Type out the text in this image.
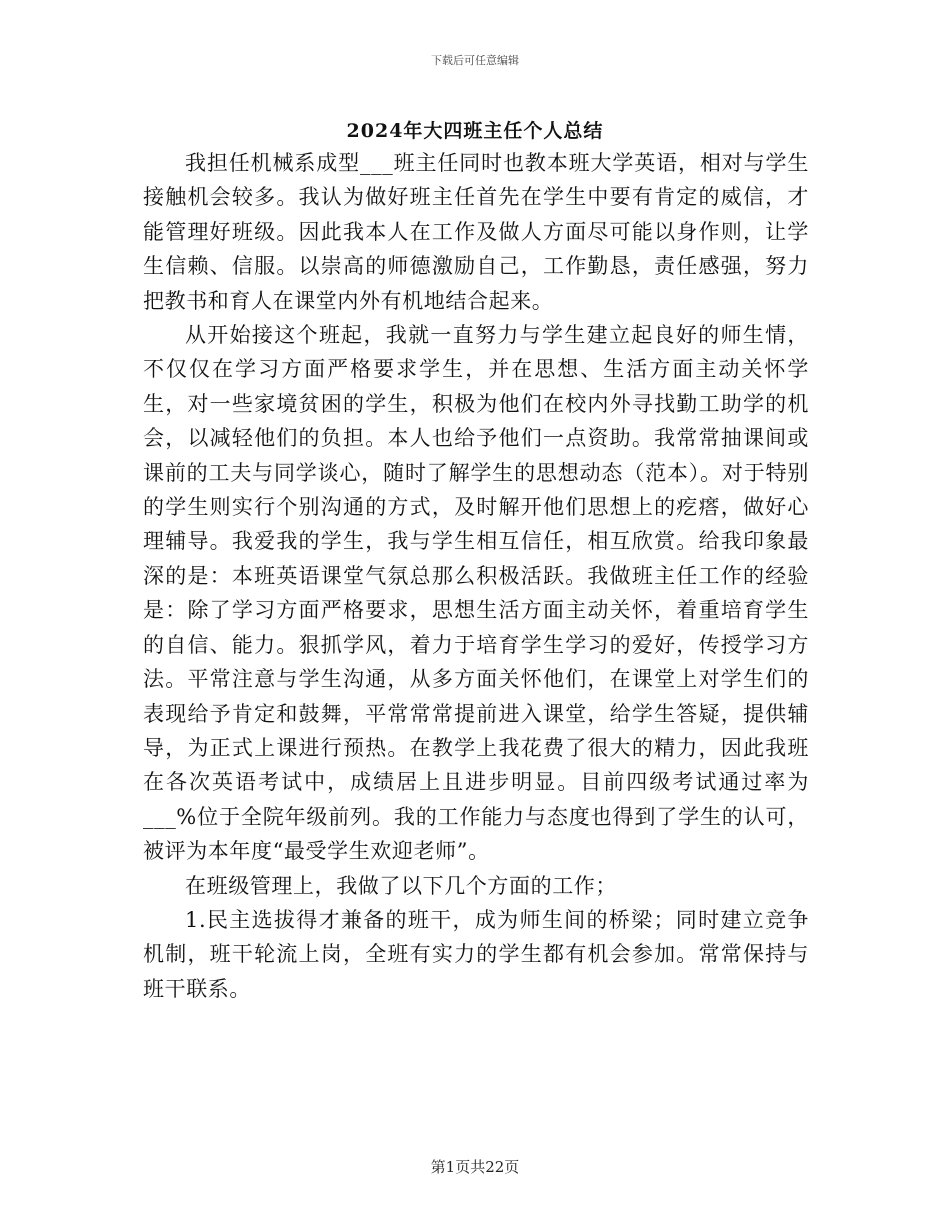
下载后可任意编辑
2024年大四班主任个人总结

我担任机械系成型___班主任同时也教本班大学英语，相对与学生接触机会较多。我认为做好班主任首先在学生中要有肯定的威信，才能管理好班级。因此我本人在工作及做人方面尽可能以身作则，让学生信赖、信服。以崇高的师德激励自己，工作勤恳，责任感强，努力把教书和育人在课堂内外有机地结合起来。

从开始接这个班起，我就一直努力与学生建立起良好的师生情，不仅仅在学习方面严格要求学生，并在思想、生活方面主动关怀学生，对一些家境贫困的学生，积极为他们在校内外寻找勤工助学的机会，以减轻他们的负担。本人也给予他们一点资助。我常常抽课间或课前的工夫与同学谈心，随时了解学生的思想动态（范本）。对于特别的学生则实行个别沟通的方式，及时解开他们思想上的疙瘩，做好心理辅导。我爱我的学生，我与学生相互信任，相互欣赏。给我印象最深的是：本班英语课堂气氛总那么积极活跃。我做班主任工作的经验是：除了学习方面严格要求，思想生活方面主动关怀，着重培育学生的自信、能力。狠抓学风，着力于培育学生学习的爱好，传授学习方法。平常注意与学生沟通，从多方面关怀他们，在课堂上对学生们的表现给予肯定和鼓舞，平常常常提前进入课堂，给学生答疑，提供辅导，为正式上课进行预热。在教学上我花费了很大的精力，因此我班在各次英语考试中，成绩居上且进步明显。目前四级考试通过率为___%位于全院年级前列。我的工作能力与态度也得到了学生的认可，被评为本年度“最受学生欢迎老师”。

在班级管理上，我做了以下几个方面的工作；

1.民主选拔得才兼备的班干，成为师生间的桥梁；同时建立竞争机制，班干轮流上岗，全班有实力的学生都有机会参加。常常保持与班干联系。

第1页共22页
